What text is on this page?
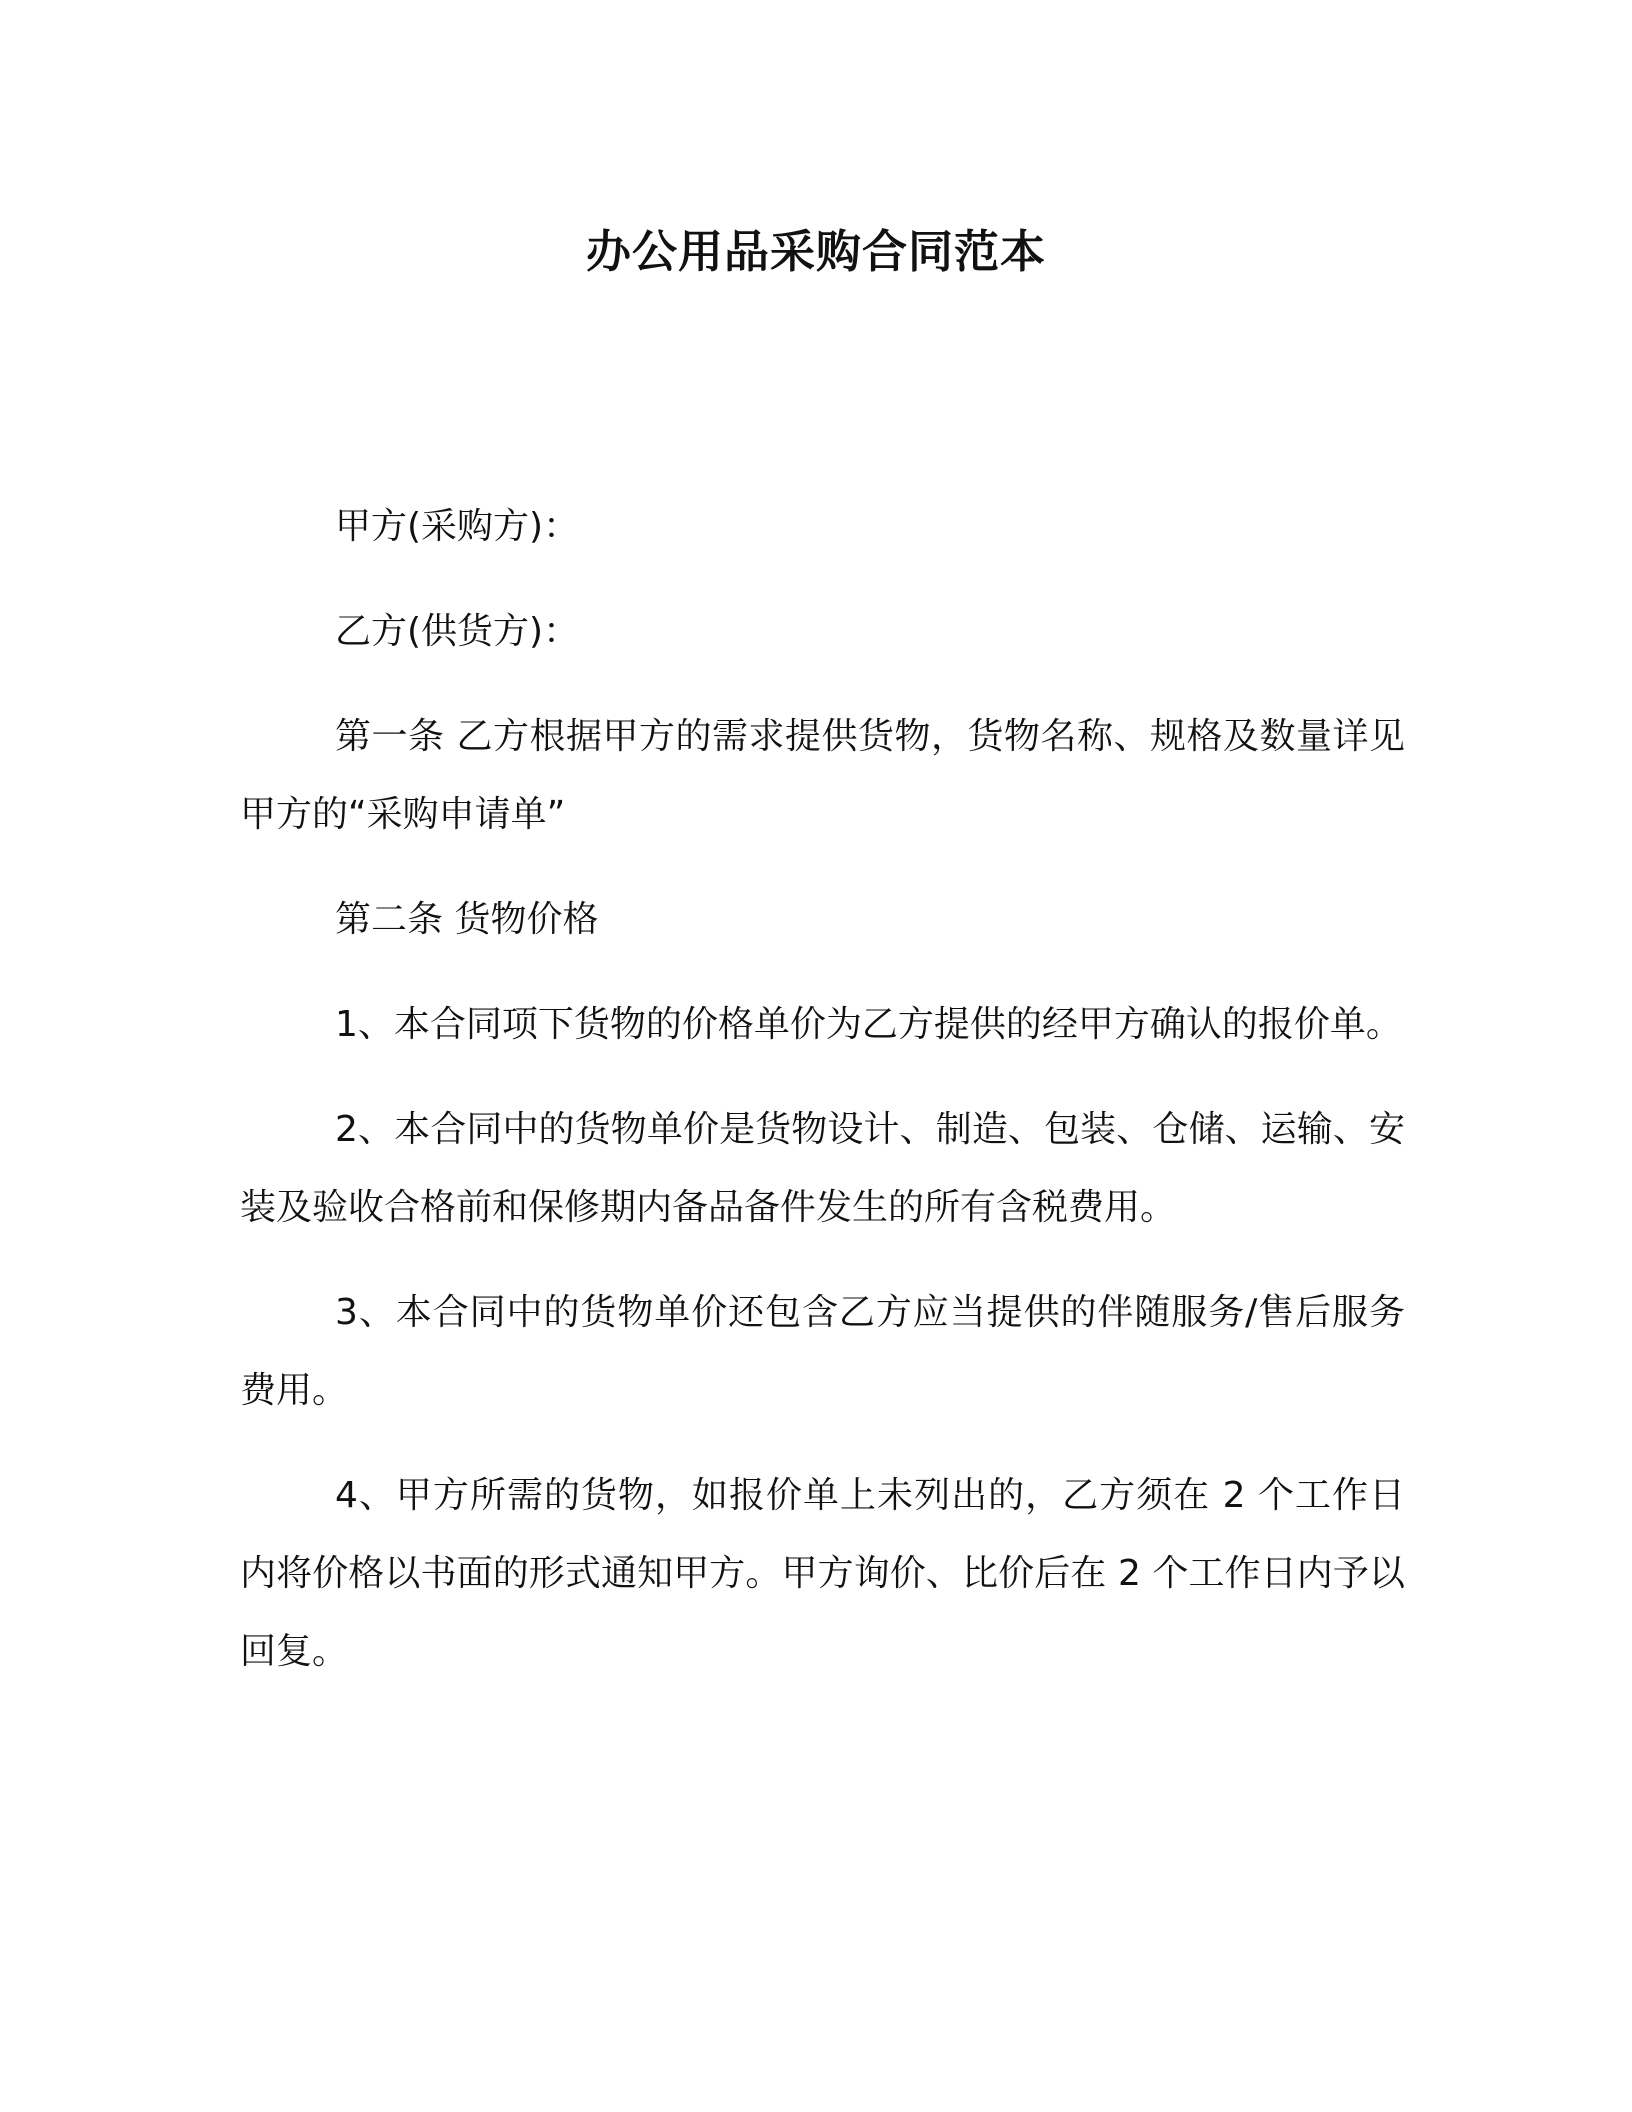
办公用品采购合同范本

甲方(采购方)：

乙方(供货方)：

第一条 乙方根据甲方的需求提供货物，货物名称、规格及数量详见甲方的“采购申请单”

第二条 货物价格

1、本合同项下货物的价格单价为乙方提供的经甲方确认的报价单。

2、本合同中的货物单价是货物设计、制造、包装、仓储、运输、安装及验收合格前和保修期内备品备件发生的所有含税费用。

3、本合同中的货物单价还包含乙方应当提供的伴随服务/售后服务费用。

4、甲方所需的货物，如报价单上未列出的，乙方须在 2 个工作日内将价格以书面的形式通知甲方。甲方询价、比价后在 2 个工作日内予以回复。
